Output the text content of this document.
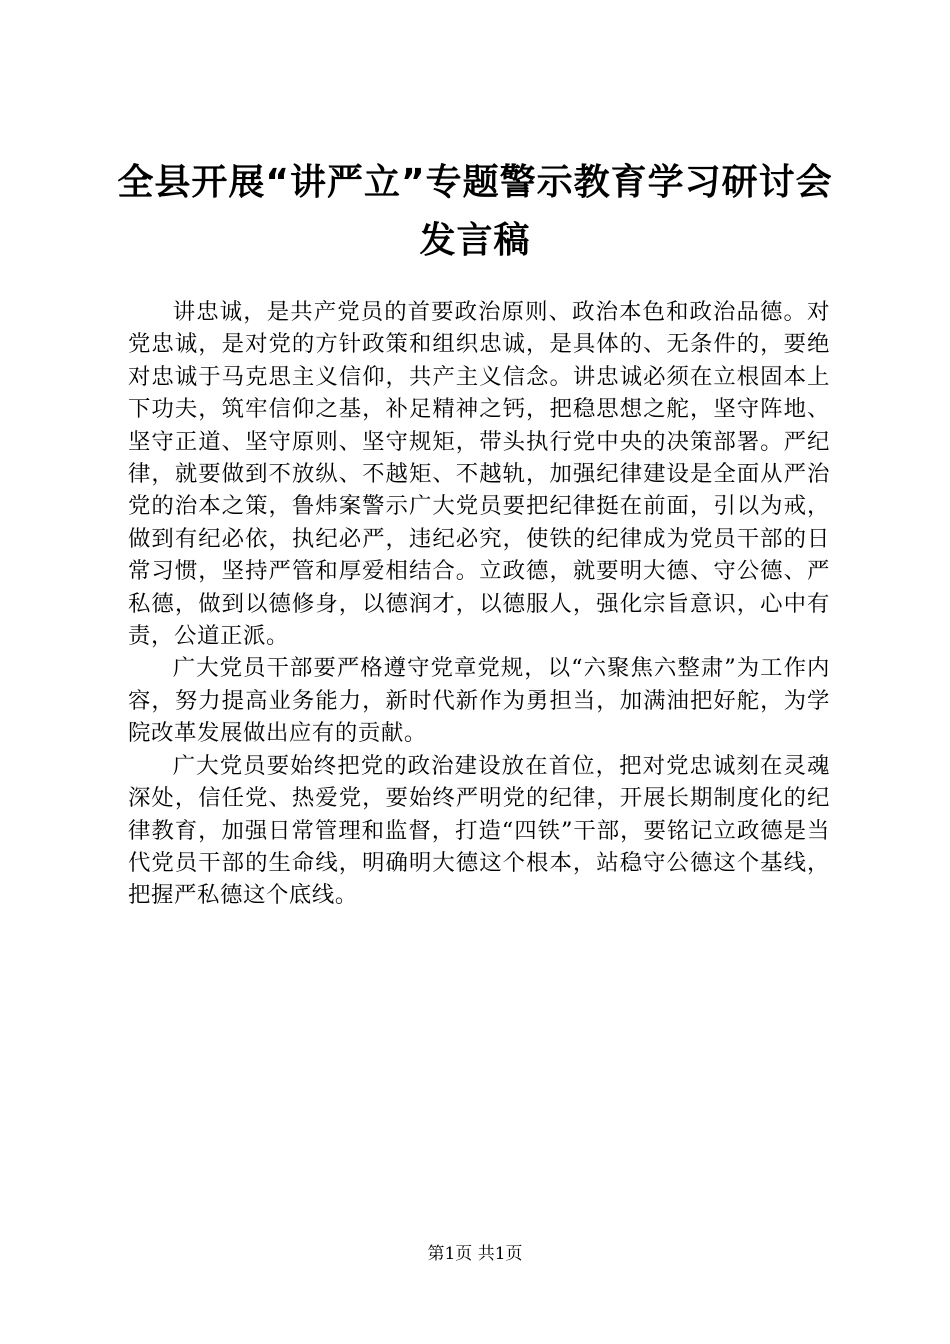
全县开展“讲严立”专题警示教育学习研讨会
发言稿

讲忠诚，是共产党员的首要政治原则、政治本色和政治品德。对党忠诚，是对党的方针政策和组织忠诚，是具体的、无条件的，要绝对忠诚于马克思主义信仰，共产主义信念。讲忠诚必须在立根固本上下功夫，筑牢信仰之基，补足精神之钙，把稳思想之舵，坚守阵地、坚守正道、坚守原则、坚守规矩，带头执行党中央的决策部署。严纪律，就要做到不放纵、不越矩、不越轨，加强纪律建设是全面从严治党的治本之策，鲁炜案警示广大党员要把纪律挺在前面，引以为戒，做到有纪必依，执纪必严，违纪必究，使铁的纪律成为党员干部的日常习惯，坚持严管和厚爱相结合。立政德，就要明大德、守公德、严私德，做到以德修身，以德润才，以德服人，强化宗旨意识，心中有责，公道正派。

广大党员干部要严格遵守党章党规，以“六聚焦六整肃”为工作内容，努力提高业务能力，新时代新作为勇担当，加满油把好舵，为学院改革发展做出应有的贡献。

广大党员要始终把党的政治建设放在首位，把对党忠诚刻在灵魂深处，信任党、热爱党，要始终严明党的纪律，开展长期制度化的纪律教育，加强日常管理和监督，打造“四铁”干部，要铭记立政德是当代党员干部的生命线，明确明大德这个根本，站稳守公德这个基线，把握严私德这个底线。

第1页 共1页
